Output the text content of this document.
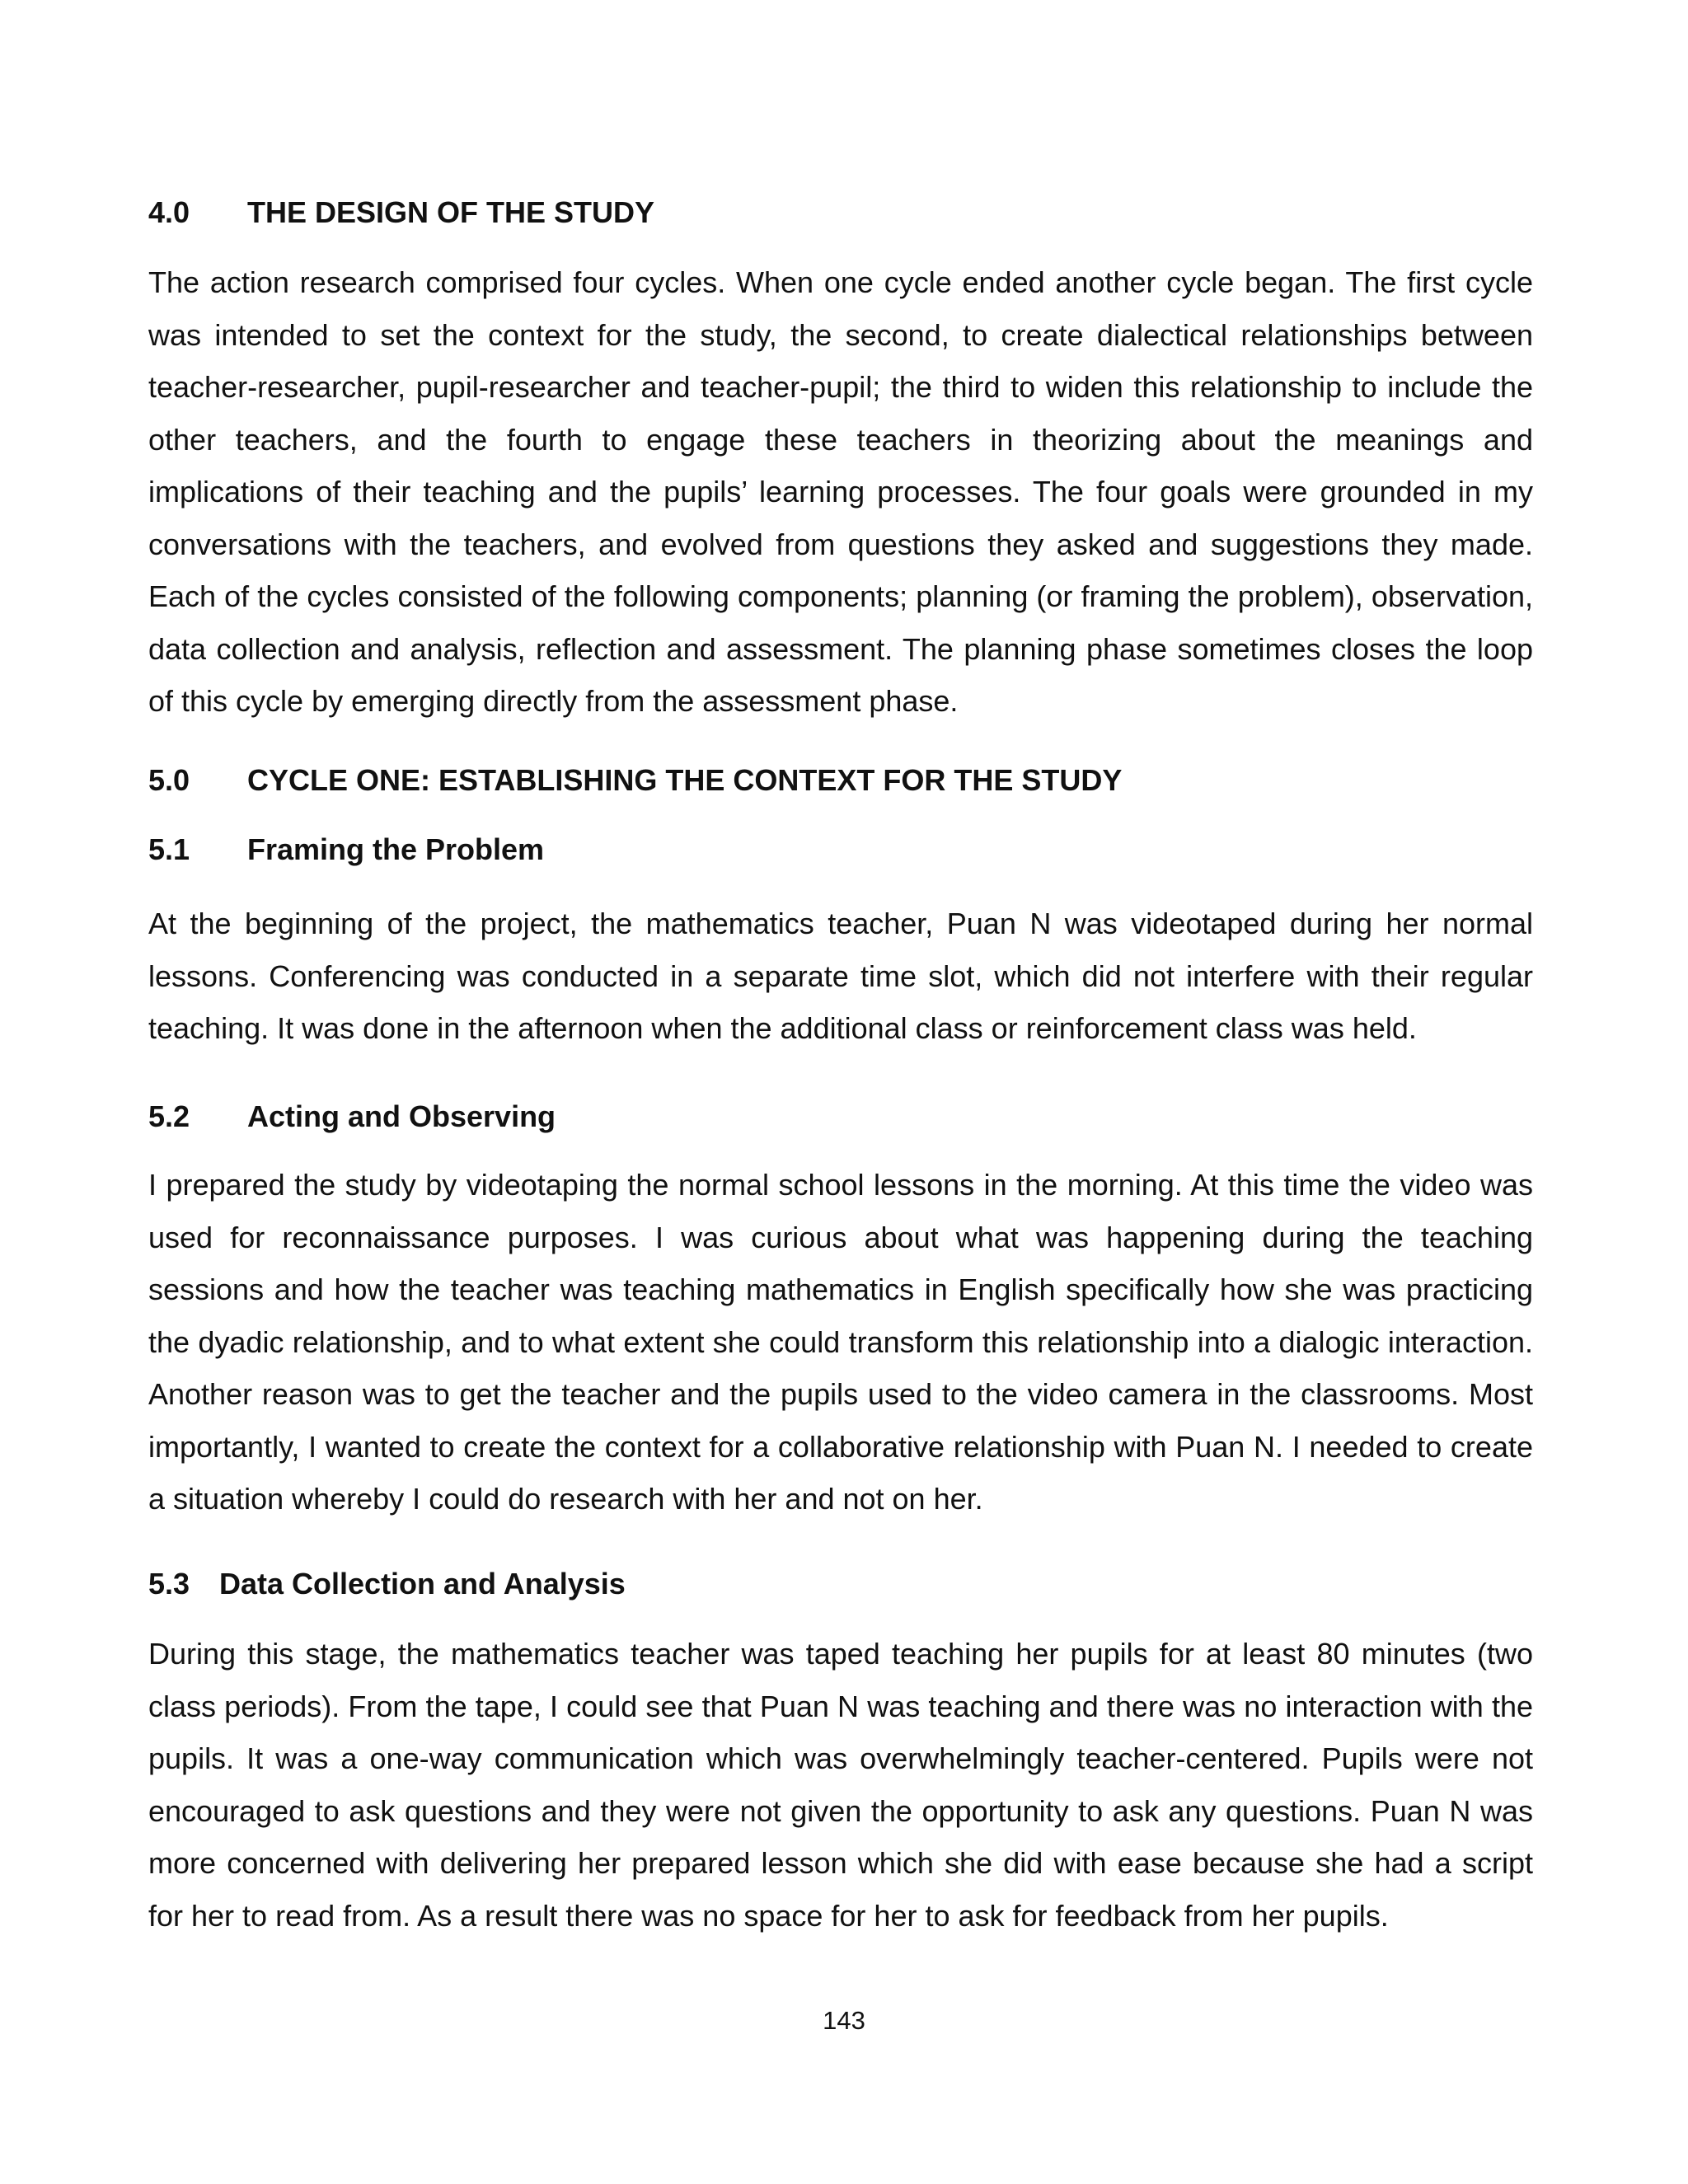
4.0 THE DESIGN OF THE STUDY

The action research comprised four cycles. When one cycle ended another cycle began. The first cycle was intended to set the context for the study, the second, to create dialectical relationships between teacher-researcher, pupil-researcher and teacher-pupil; the third to widen this relationship to include the other teachers, and the fourth to engage these teachers in theorizing about the meanings and implications of their teaching and the pupils’ learning processes. The four goals were grounded in my conversations with the teachers, and evolved from questions they asked and suggestions they made. Each of the cycles consisted of the following components; planning (or framing the problem), observation, data collection and analysis, reflection and assessment. The planning phase sometimes closes the loop of this cycle by emerging directly from the assessment phase.

5.0 CYCLE ONE: ESTABLISHING THE CONTEXT FOR THE STUDY
5.1 Framing the Problem

At the beginning of the project, the mathematics teacher, Puan N was videotaped during her normal lessons. Conferencing was conducted in a separate time slot, which did not interfere with their regular teaching. It was done in the afternoon when the additional class or reinforcement class was held.

5.2 Acting and Observing

I prepared the study by videotaping the normal school lessons in the morning. At this time the video was used for reconnaissance purposes. I was curious about what was happening during the teaching sessions and how the teacher was teaching mathematics in English specifically how she was practicing the dyadic relationship, and to what extent she could transform this relationship into a dialogic interaction. Another reason was to get the teacher and the pupils used to the video camera in the classrooms. Most importantly, I wanted to create the context for a collaborative relationship with Puan N. I needed to create a situation whereby I could do research with her and not on her.

5.3 Data Collection and Analysis

During this stage, the mathematics teacher was taped teaching her pupils for at least 80 minutes (two class periods). From the tape, I could see that Puan N was teaching and there was no interaction with the pupils. It was a one-way communication which was overwhelmingly teacher-centered. Pupils were not encouraged to ask questions and they were not given the opportunity to ask any questions. Puan N was more concerned with delivering her prepared lesson which she did with ease because she had a script for her to read from. As a result there was no space for her to ask for feedback from her pupils.

143
